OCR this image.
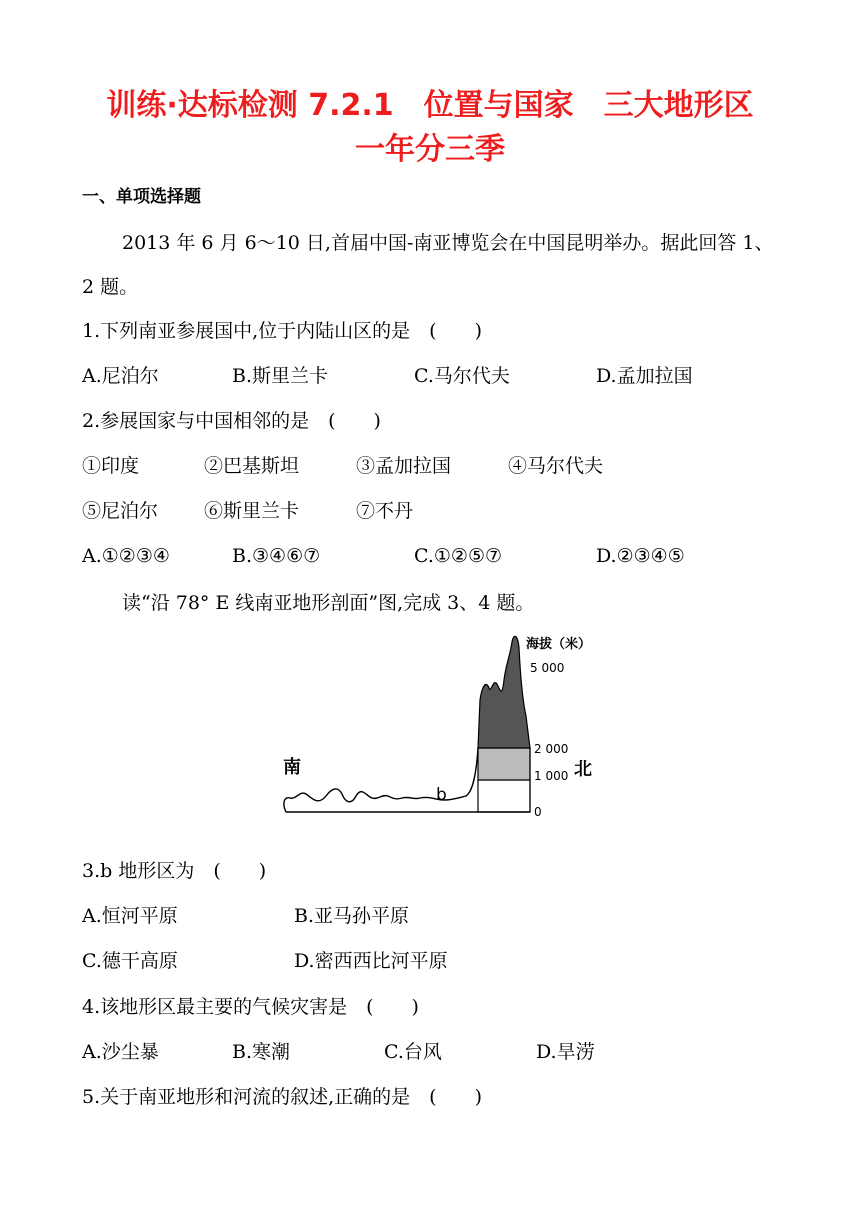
训练·达标检测 7.2.1　位置与国家　三大地形区
一年分三季
一、单项选择题
2013 年 6 月 6～10 日,首届中国-南亚博览会在中国昆明举办。据此回答 1、
2 题。
1.下列南亚参展国中,位于内陆山区的是　(　　)
A.尼泊尔	B.斯里兰卡	C.马尔代夫	D.孟加拉国
2.参展国家与中国相邻的是　(　　)
①印度	②巴基斯坦	③孟加拉国	④马尔代夫
⑤尼泊尔 ⑥斯里兰卡	⑦不丹
A.①②③④	B.③④⑥⑦	C.①②⑤⑦	D.②③④⑤
读“沿 78° E 线南亚地形剖面”图,完成 3、4 题。
海拔（米）
5 000
2 000
1 000
0
南	北
b
3.b 地形区为　(　　)
A.恒河平原	B.亚马孙平原
C.德干高原	D.密西西比河平原
4.该地形区最主要的气候灾害是　(　　)
A.沙尘暴	B.寒潮	C.台风	D.旱涝
5.关于南亚地形和河流的叙述,正确的是　(　　)
